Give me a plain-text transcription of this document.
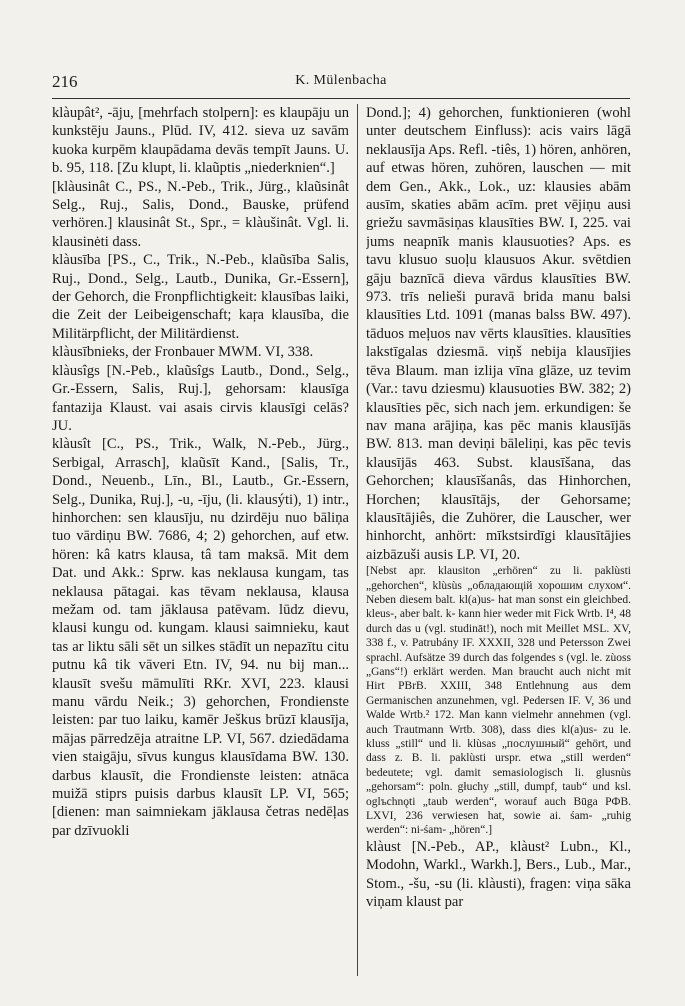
216	K. Mülenbacha

klàupât², -āju, [mehrfach stolpern]: es klaupāju un kunkstēju Jauns., Plūd. IV, 412. sieva uz savām kuoka kurpēm klaupādama devās tempīt Jauns. U. b. 95, 118. [Zu klupt, li. klaũptis „niederknien“.]

[klàusinât C., PS., N.-Peb., Trik., Jürg., klaũsinât Selg., Ruj., Salis, Dond., Bauske, prüfend verhören.] klausinât St., Spr., = klàušinât. Vgl. li. klausinėti dass.

klàusība [PS., C., Trik., N.-Peb., klaũsība Salis, Ruj., Dond., Selg., Lautb., Dunika, Gr.-Essern], der Gehorch, die Fronpflichtigkeit: klausības laiki, die Zeit der Leibeigenschaft; kaŗa klausība, die Militärpflicht, der Militärdienst.

klàusībnieks, der Fronbauer MWM. VI, 338.

klàusîgs [N.-Peb., klaũsîgs Lautb., Dond., Selg., Gr.-Essern, Salis, Ruj.], gehorsam: klausīga fantazija Klaust. vai asais cirvis klausīgi celās? JU.

klàusît [C., PS., Trik., Walk, N.-Peb., Jürg., Serbigal, Arrasch], klaũsīt Kand., [Salis, Tr., Dond., Neuenb., Līn., Bl., Lautb., Gr.-Essern, Selg., Dunika, Ruj.], -u, -īju, (li. klausýti), 1) intr., hinhorchen: sen klausīju, nu dzirdēju nuo bāliņa tuo vārdiņu BW. 7686, 4; 2) gehorchen, auf etw. hören: kâ katrs klausa, tâ tam maksā. Mit dem Dat. und Akk.: Sprw. kas neklausa kungam, tas neklausa pātagai. kas tēvam neklausa, klausa mežam od. tam jāklausa patēvam. lūdz dievu, klausi kungu od. kungam. klausi saimnieku, kaut tas ar liktu sāli sēt un silkes stādīt un nepazītu citu putnu kâ tik vāveri Etn. IV, 94. nu bij man... klausīt svešu māmulīti RKr. XVI, 223. klausi manu vārdu Neik.; 3) gehorchen, Frondienste leisten: par tuo laiku, kamēr Ješkus brūzī klausīja, mājas pārredzēja atraitne LP. VI, 567. dziedādama vien staigāju, sīvus kungus klausīdama BW. 130. darbus klausīt, die Frondienste leisten: atnāca muižā stiprs puisis darbus klausīt LP. VI, 565; [dienen: man saimniekam jāklausa četras nedēļas par dzīvuokli

Dond.]; 4) gehorchen, funktionieren (wohl unter deutschem Einfluss): acis vairs lāgā neklausīja Aps. Refl. -tiês, 1) hören, anhören, auf etwas hören, zuhören, lauschen — mit dem Gen., Akk., Lok., uz: klausies abām ausīm, skaties abām acīm. pret vējiņu ausi griežu savmāsiņas klausīties BW. I, 225. vai jums neapnīk manis klausuoties? Aps. es tavu klusuo suoļu klausuos Akur. svētdien gāju baznīcā dieva vārdus klausīties BW. 973. trīs nelieši puravā brida manu balsi klausīties Ltd. 1091 (manas balss BW. 497). tāduos meļuos nav vērts klausīties. klausīties lakstīgalas dziesmā. viņš nebija klausījies tēva Blaum. man izlija vīna glāze, uz tevim (Var.: tavu dziesmu) klausuoties BW. 382; 2) klausīties pēc, sich nach jem. erkundigen: še nav mana arājiņa, kas pēc manis klausījās BW. 813. man deviņi bāleliņi, kas pēc tevis klausījās 463. Subst. klausīšana, das Gehorchen; klausīšanâs, das Hinhorchen, Horchen; klausītājs, der Gehorsame; klausītājiês, die Zuhörer, die Lauscher, wer hinhorcht, anhört: mīkstsirdīgi klausītājies aizbāzuši ausis LP. VI, 20.

[Nebst apr. klausiton „erhören“ zu li. paklùsti „gehorchen“, klùsùs „обладающій хорошим слухом“. Neben diesem balt. kl(a)us- hat man sonst ein gleichbed. kleus-, aber balt. k- kann hier weder mit Fick Wrtb. I⁴, 48 durch das u (vgl. studināt!), noch mit Meillet MSL. XV, 338 f., v. Patrubány IF. XXXII, 328 und Petersson Zwei sprachl. Aufsätze 39 durch das folgendes s (vgl. le. zùoss „Gans“!) erklärt werden. Man braucht auch nicht mit Hirt PBrB. XXIII, 348 Entlehnung aus dem Germanischen anzunehmen, vgl. Pedersen IF. V, 36 und Walde Wrtb.² 172. Man kann vielmehr annehmen (vgl. auch Trautmann Wrtb. 308), dass dies kl(a)us- zu le. kluss „still“ und li. klùsas „послушный“ gehört, und dass z. B. li. paklùsti urspr. etwa „still werden“ bedeutete; vgl. damit semasiologisch li. glusnùs „gehorsam“: poln. głuchy „still, dumpf, taub“ und ksl. oglъchnǫti „taub werden“, worauf auch Būga РФВ. LXVI, 236 verwiesen hat, sowie ai. śam- „ruhig werden“: ni-śam- „hören“.]

klàust [N.-Peb., AP., klàust² Lubn., Kl., Modohn, Warkl., Warkh.], Bers., Lub., Mar., Stom., -šu, -su (li. klàusti), fragen: viņa sāka viņam klaust par
